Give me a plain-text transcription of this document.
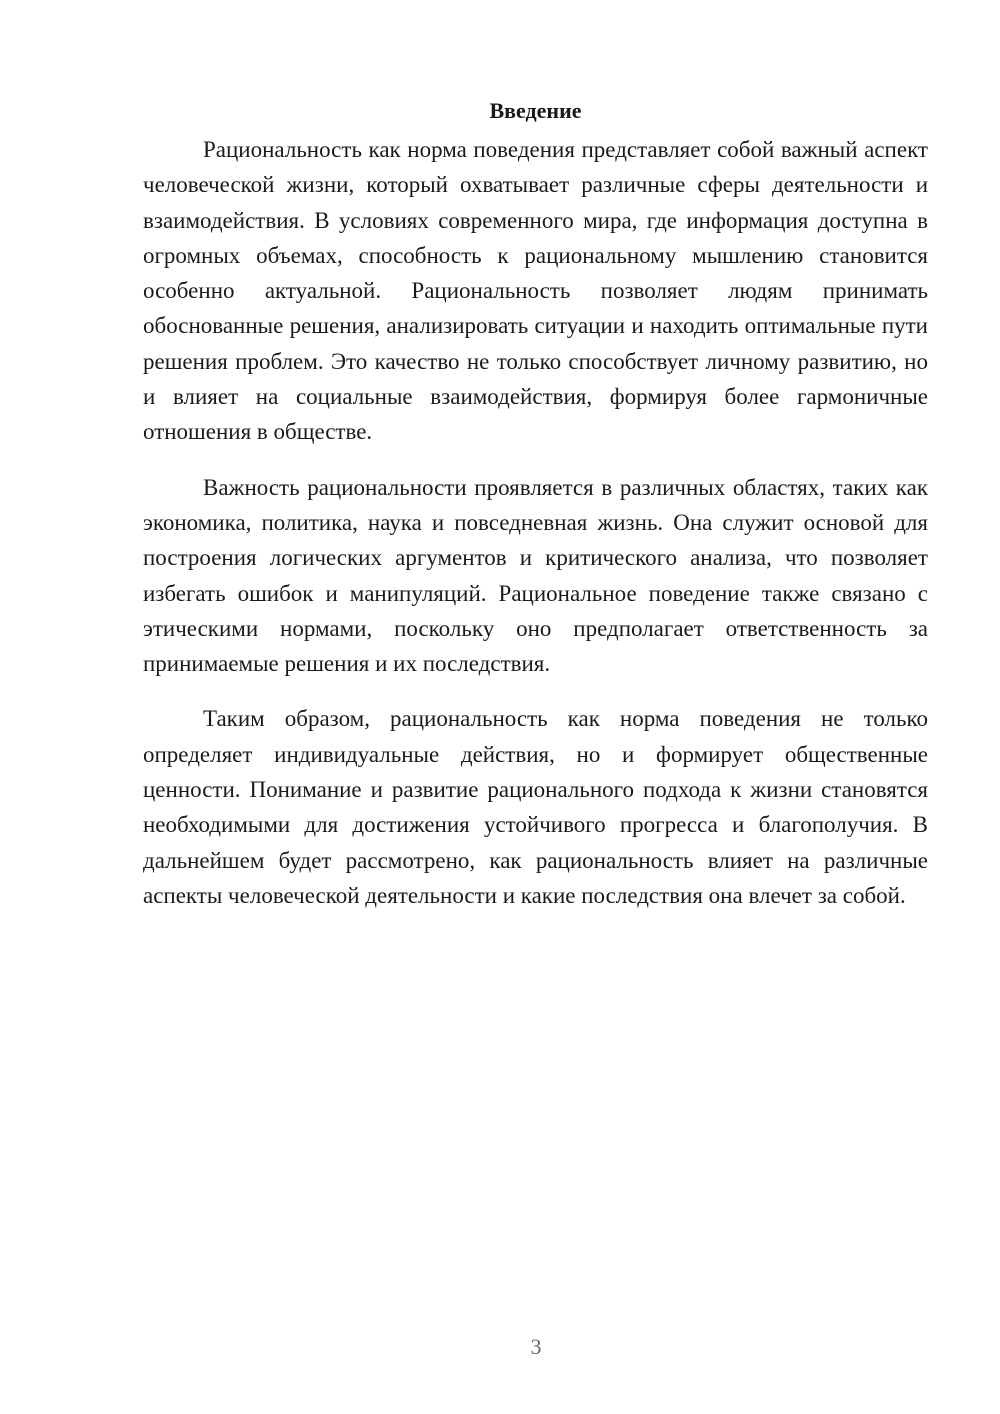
Введение

Рациональность как норма поведения представляет собой важный аспект человеческой жизни, который охватывает различные сферы деятельности и взаимодействия. В условиях современного мира, где информация доступна в огромных объемах, способность к рациональному мышлению становится особенно актуальной. Рациональность позволяет людям принимать обоснованные решения, анализировать ситуации и находить оптимальные пути решения проблем. Это качество не только способствует личному развитию, но и влияет на социальные взаимодействия, формируя более гармоничные отношения в обществе.

Важность рациональности проявляется в различных областях, таких как экономика, политика, наука и повседневная жизнь. Она служит основой для построения логических аргументов и критического анализа, что позволяет избегать ошибок и манипуляций. Рациональное поведение также связано с этическими нормами, поскольку оно предполагает ответственность за принимаемые решения и их последствия.

Таким образом, рациональность как норма поведения не только определяет индивидуальные действия, но и формирует общественные ценности. Понимание и развитие рационального подхода к жизни становятся необходимыми для достижения устойчивого прогресса и благополучия. В дальнейшем будет рассмотрено, как рациональность влияет на различные аспекты человеческой деятельности и какие последствия она влечет за собой.

3
